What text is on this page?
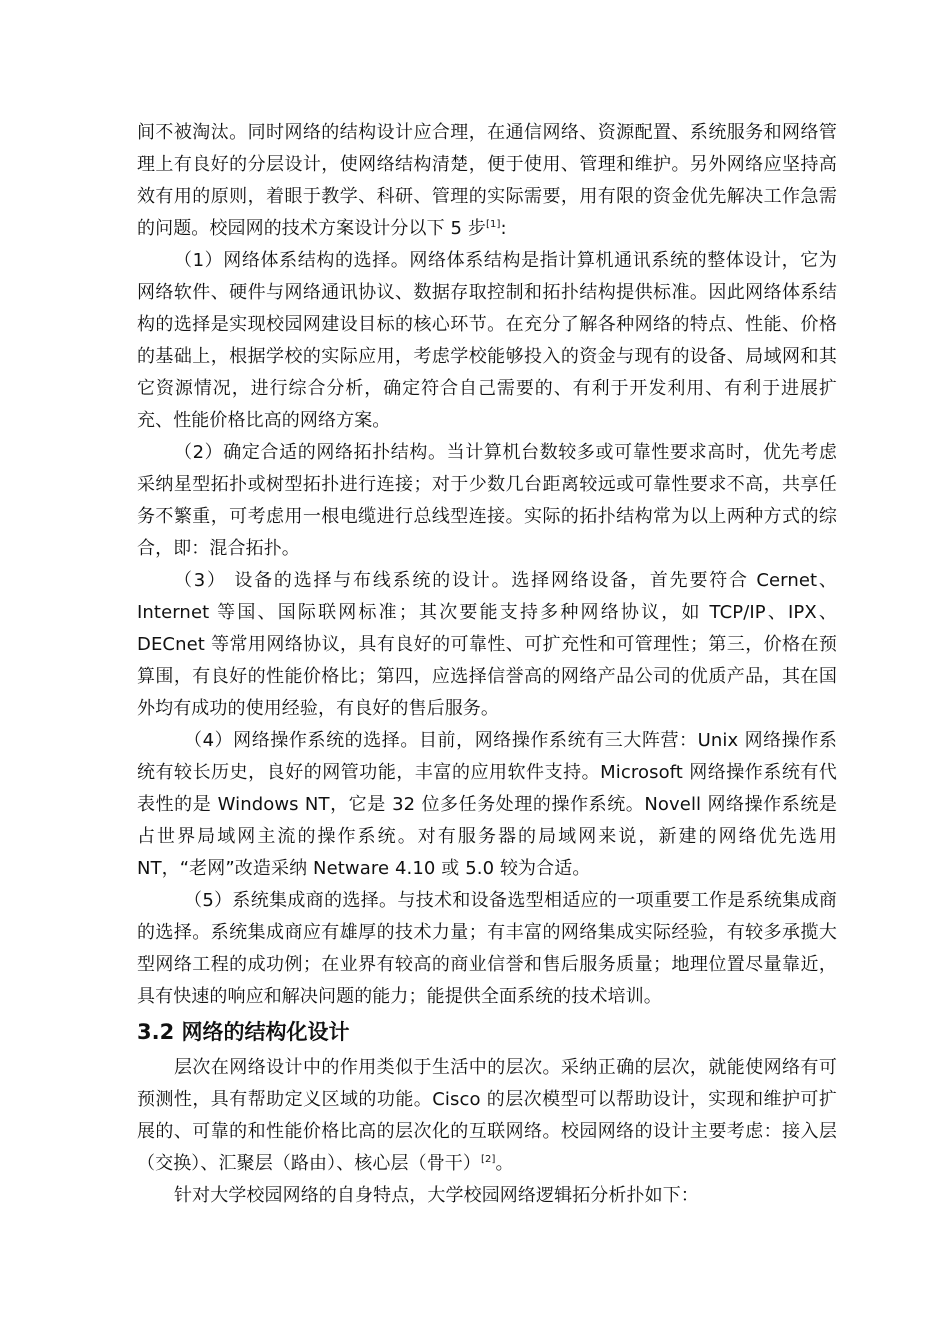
间不被淘汰。同时网络的结构设计应合理，在通信网络、资源配置、系统服务和网络管理上有良好的分层设计，使网络结构清楚，便于使用、管理和维护。另外网络应坚持高效有用的原则，着眼于教学、科研、管理的实际需要，用有限的资金优先解决工作急需的问题。校园网的技术方案设计分以下 5 步[1]:

（1）网络体系结构的选择。网络体系结构是指计算机通讯系统的整体设计，它为网络软件、硬件与网络通讯协议、数据存取控制和拓扑结构提供标准。因此网络体系结构的选择是实现校园网建设目标的核心环节。在充分了解各种网络的特点、性能、价格的基础上，根据学校的实际应用，考虑学校能够投入的资金与现有的设备、局域网和其它资源情况，进行综合分析，确定符合自己需要的、有利于开发利用、有利于进展扩充、性能价格比高的网络方案。

（2）确定合适的网络拓扑结构。当计算机台数较多或可靠性要求高时，优先考虑采纳星型拓扑或树型拓扑进行连接；对于少数几台距离较远或可靠性要求不高，共享任务不繁重，可考虑用一根电缆进行总线型连接。实际的拓扑结构常为以上两种方式的综合，即：混合拓扑。

（3） 设备的选择与布线系统的设计。选择网络设备，首先要符合 Cernet、Internet 等国、国际联网标准；其次要能支持多种网络协议，如 TCP/IP、IPX、DECnet 等常用网络协议，具有良好的可靠性、可扩充性和可管理性；第三，价格在预算围，有良好的性能价格比；第四，应选择信誉高的网络产品公司的优质产品，其在国外均有成功的使用经验，有良好的售后服务。

（4）网络操作系统的选择。目前，网络操作系统有三大阵营：Unix 网络操作系统有较长历史，良好的网管功能，丰富的应用软件支持。Microsoft 网络操作系统有代表性的是 Windows NT，它是 32 位多任务处理的操作系统。Novell 网络操作系统是占世界局域网主流的操作系统。对有服务器的局域网来说，新建的网络优先选用 NT，“老网”改造采纳 Netware 4.10 或 5.0 较为合适。

（5）系统集成商的选择。与技术和设备选型相适应的一项重要工作是系统集成商的选择。系统集成商应有雄厚的技术力量；有丰富的网络集成实际经验，有较多承揽大型网络工程的成功例；在业界有较高的商业信誉和售后服务质量；地理位置尽量靠近，具有快速的响应和解决问题的能力；能提供全面系统的技术培训。

3.2 网络的结构化设计

层次在网络设计中的作用类似于生活中的层次。采纳正确的层次，就能使网络有可预测性，具有帮助定义区域的功能。Cisco 的层次模型可以帮助设计，实现和维护可扩展的、可靠的和性能价格比高的层次化的互联网络。校园网络的设计主要考虑：接入层（交换）、汇聚层（路由）、核心层（骨干）[2]。

针对大学校园网络的自身特点，大学校园网络逻辑拓分析扑如下：
